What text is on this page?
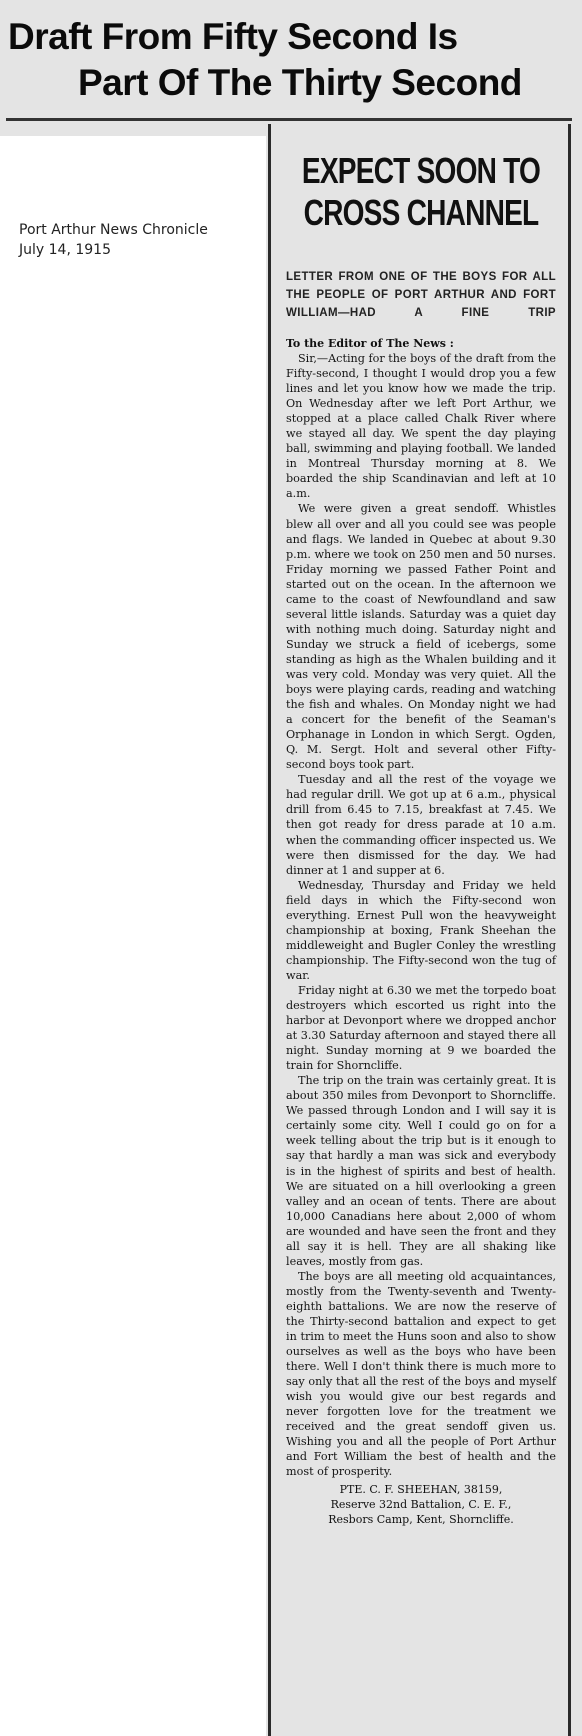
Draft From Fifty Second Is
Part Of The Thirty Second
Port Arthur News Chronicle
July 14, 1915
EXPECT SOON TO
CROSS CHANNEL
LETTER FROM ONE OF THE BOYS FOR ALL THE PEOPLE OF PORT ARTHUR AND FORT WILLIAM—HAD A FINE TRIP
To the Editor of The News :

Sir,—Acting for the boys of the draft from the Fifty-second, I thought I would drop you a few lines and let you know how we made the trip. On Wednesday after we left Port Arthur, we stopped at a place called Chalk River where we stayed all day. We spent the day playing ball, swimming and playing football. We landed in Montreal Thursday morning at 8. We boarded the ship Scandinavian and left at 10 a.m.

We were given a great sendoff. Whistles blew all over and all you could see was people and flags. We landed in Quebec at about 9.30 p.m. where we took on 250 men and 50 nurses. Friday morning we passed Father Point and started out on the ocean. In the afternoon we came to the coast of Newfoundland and saw several little islands. Saturday was a quiet day with nothing much doing. Saturday night and Sunday we struck a field of icebergs, some standing as high as the Whalen building and it was very cold. Monday was very quiet. All the boys were playing cards, reading and watching the fish and whales. On Monday night we had a concert for the benefit of the Seaman's Orphanage in London in which Sergt. Ogden, Q. M. Sergt. Holt and several other Fifty-second boys took part.

Tuesday and all the rest of the voyage we had regular drill. We got up at 6 a.m., physical drill from 6.45 to 7.15, breakfast at 7.45. We then got ready for dress parade at 10 a.m. when the commanding officer inspected us. We were then dismissed for the day. We had dinner at 1 and supper at 6.

Wednesday, Thursday and Friday we held field days in which the Fifty-second won everything. Ernest Pull won the heavyweight championship at boxing, Frank Sheehan the middleweight and Bugler Conley the wrestling championship. The Fifty-second won the tug of war.

Friday night at 6.30 we met the torpedo boat destroyers which escorted us right into the harbor at Devonport where we dropped anchor at 3.30 Saturday afternoon and stayed there all night. Sunday morning at 9 we boarded the train for Shorncliffe.

The trip on the train was certainly great. It is about 350 miles from Devonport to Shorncliffe. We passed through London and I will say it is certainly some city. Well I could go on for a week telling about the trip but is it enough to say that hardly a man was sick and everybody is in the highest of spirits and best of health. We are situated on a hill overlooking a green valley and an ocean of tents. There are about 10,000 Canadians here about 2,000 of whom are wounded and have seen the front and they all say it is hell. They are all shaking like leaves, mostly from gas.

The boys are all meeting old acquaintances, mostly from the Twenty-seventh and Twenty-eighth battalions. We are now the reserve of the Thirty-second battalion and expect to get in trim to meet the Huns soon and also to show ourselves as well as the boys who have been there. Well I don't think there is much more to say only that all the rest of the boys and myself wish you would give our best regards and never forgotten love for the treatment we received and the great sendoff given us. Wishing you and all the people of Port Arthur and Fort William the best of health and the most of prosperity.

PTE. C. F. SHEEHAN, 38159,
Reserve 32nd Battalion, C. E. F.,
Resbors Camp, Kent, Shorncliffe.
